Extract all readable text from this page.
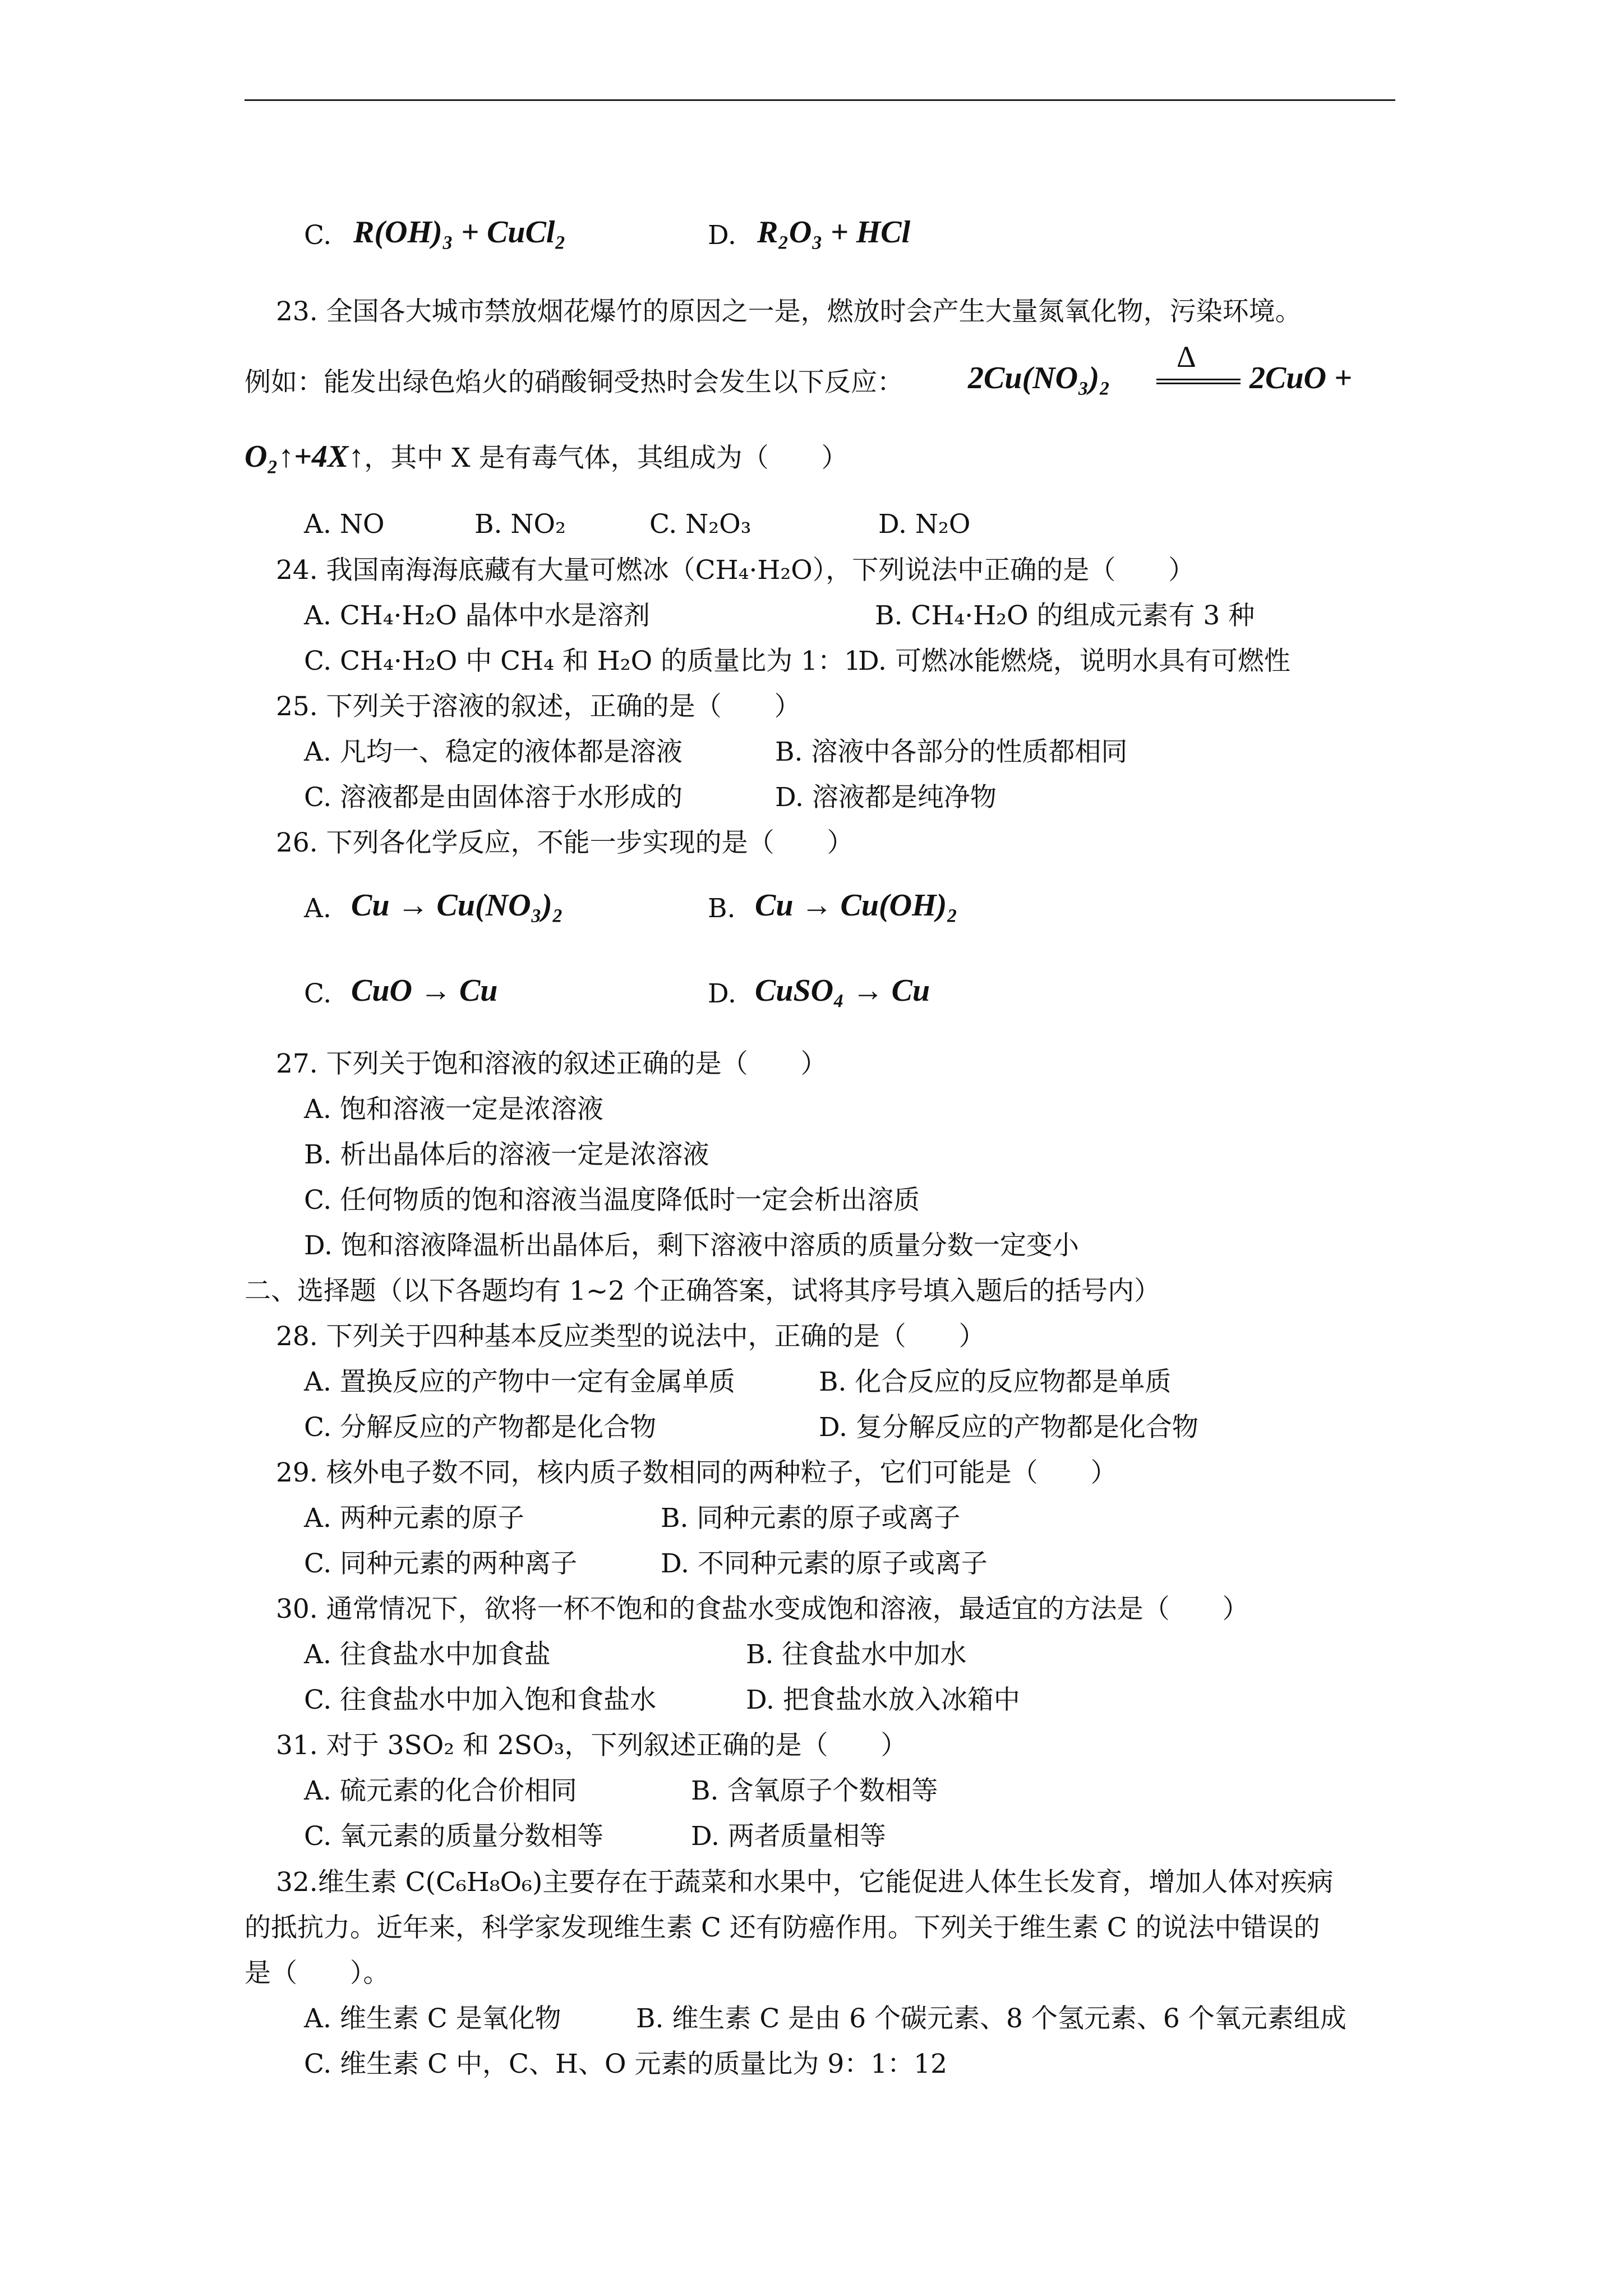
C. R(OH)₃ + CuCl₂	D. R₂O₃ + HCl
23. 全国各大城市禁放烟花爆竹的原因之一是，燃放时会产生大量氮氧化物，污染环境。
Δ
例如：能发出绿色焰火的硝酸铜受热时会发生以下反应： 2Cu(NO₃)₂	2CuO +
O₂↑+4X↑，其中 X 是有毒气体，其组成为（　　）
A. NO	B. NO₂	C. N₂O₃	D. N₂O
24. 我国南海海底藏有大量可燃冰（CH₄·H₂O），下列说法中正确的是（　　）
A. CH₄·H₂O 晶体中水是溶剂	B. CH₄·H₂O 的组成元素有 3 种
C. CH₄·H₂O 中 CH₄ 和 H₂O 的质量比为 1：1
D. 可燃冰能燃烧，说明水具有可燃性
25. 下列关于溶液的叙述，正确的是（　　）
A. 凡均一、稳定的液体都是溶液	B. 溶液中各部分的性质都相同
C. 溶液都是由固体溶于水形成的	D. 溶液都是纯净物
26. 下列各化学反应，不能一步实现的是（　　）
A. Cu → Cu(NO₃)₂	B. Cu → Cu(OH)₂
C. CuO → Cu	D. CuSO₄ → Cu
27. 下列关于饱和溶液的叙述正确的是（　　）
A. 饱和溶液一定是浓溶液
B. 析出晶体后的溶液一定是浓溶液
C. 任何物质的饱和溶液当温度降低时一定会析出溶质
D. 饱和溶液降温析出晶体后，剩下溶液中溶质的质量分数一定变小
二、选择题（以下各题均有 1~2 个正确答案，试将其序号填入题后的括号内）
28. 下列关于四种基本反应类型的说法中，正确的是（　　）
A. 置换反应的产物中一定有金属单质	B. 化合反应的反应物都是单质
C. 分解反应的产物都是化合物	D. 复分解反应的产物都是化合物
29. 核外电子数不同，核内质子数相同的两种粒子，它们可能是（　　）
A. 两种元素的原子	B. 同种元素的原子或离子
C. 同种元素的两种离子	D. 不同种元素的原子或离子
30. 通常情况下，欲将一杯不饱和的食盐水变成饱和溶液，最适宜的方法是（　　）
A. 往食盐水中加食盐	B. 往食盐水中加水
C. 往食盐水中加入饱和食盐水	D. 把食盐水放入冰箱中
31. 对于 3SO₂ 和 2SO₃，下列叙述正确的是（　　）
A. 硫元素的化合价相同	B. 含氧原子个数相等
C. 氧元素的质量分数相等	D. 两者质量相等
32.维生素 C(C₆H₈O₆)主要存在于蔬菜和水果中，它能促进人体生长发育，增加人体对疾病
的抵抗力。近年来，科学家发现维生素 C 还有防癌作用。下列关于维生素 C 的说法中错误的
是（　　）。
A. 维生素 C 是氧化物	B. 维生素 C 是由 6 个碳元素、8 个氢元素、6 个氧元素组成
C. 维生素 C 中，C、H、O 元素的质量比为 9：1：12
